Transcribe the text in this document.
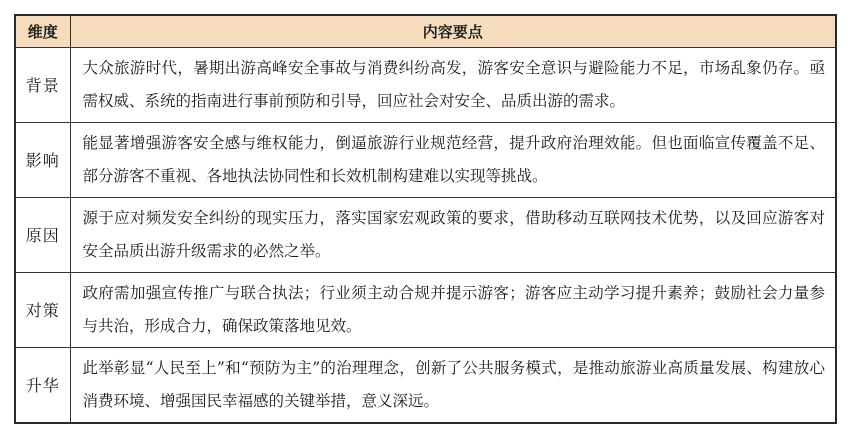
维度	内容要点
背景	大众旅游时代，暑期出游高峰安全事故与消费纠纷高发，游客安全意识与避险能力不足，市场乱象仍存。亟需权威、系统的指南进行事前预防和引导，回应社会对安全、品质出游的需求。
影响	能显著增强游客安全感与维权能力，倒逼旅游行业规范经营，提升政府治理效能。但也面临宣传覆盖不足、部分游客不重视、各地执法协同性和长效机制构建难以实现等挑战。
原因	源于应对频发安全纠纷的现实压力，落实国家宏观政策的要求，借助移动互联网技术优势，以及回应游客对安全品质出游升级需求的必然之举。
对策	政府需加强宣传推广与联合执法；行业须主动合规并提示游客；游客应主动学习提升素养；鼓励社会力量参与共治，形成合力，确保政策落地见效。
升华	此举彰显“人民至上”和“预防为主”的治理理念，创新了公共服务模式，是推动旅游业高质量发展、构建放心消费环境、增强国民幸福感的关键举措，意义深远。
